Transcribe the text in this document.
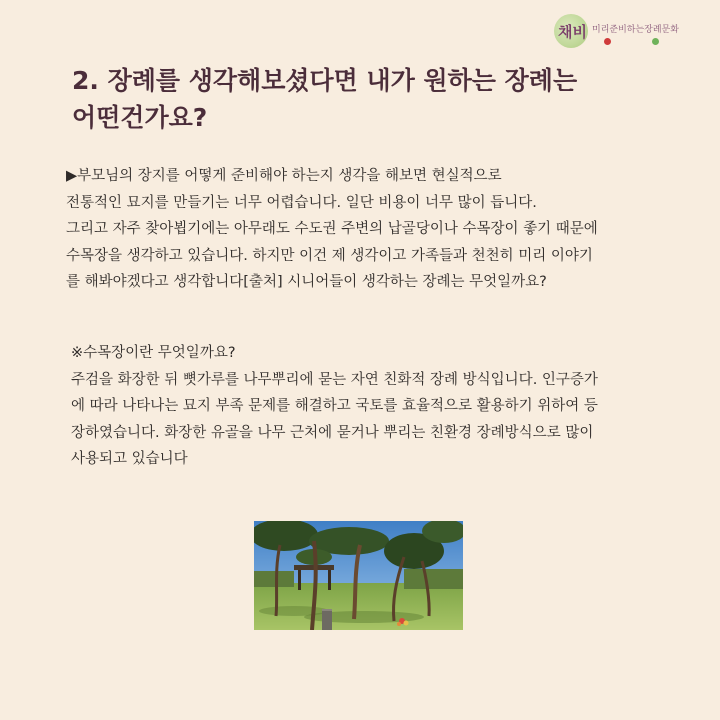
채비 미리준비하는장례문화
2. 장례를 생각해보셨다면 내가 원하는 장례는
어떤건가요?
▶부모님의 장지를 어떻게 준비해야 하는지 생각을 해보면 현실적으로
전통적인 묘지를 만들기는 너무 어렵습니다. 일단 비용이 너무 많이 듭니다.
그리고 자주 찾아뵙기에는 아무래도 수도권 주변의 납골당이나 수목장이 좋기 때문에
수목장을 생각하고 있습니다. 하지만 이건 제 생각이고 가족들과 천천히 미리 이야기
를 해봐야겠다고 생각합니다[출처] 시니어들이 생각하는 장례는 무엇일까요?
※수목장이란 무엇일까요?
주검을 화장한 뒤 뼛가루를 나무뿌리에 묻는 자연 친화적 장례 방식입니다. 인구증가
에 따라 나타나는 묘지 부족 문제를 해결하고 국토를 효율적으로 활용하기 위하여 등
장하였습니다. 화장한 유골을 나무 근처에 묻거나 뿌리는 친환경 장례방식으로 많이
사용되고 있습니다
